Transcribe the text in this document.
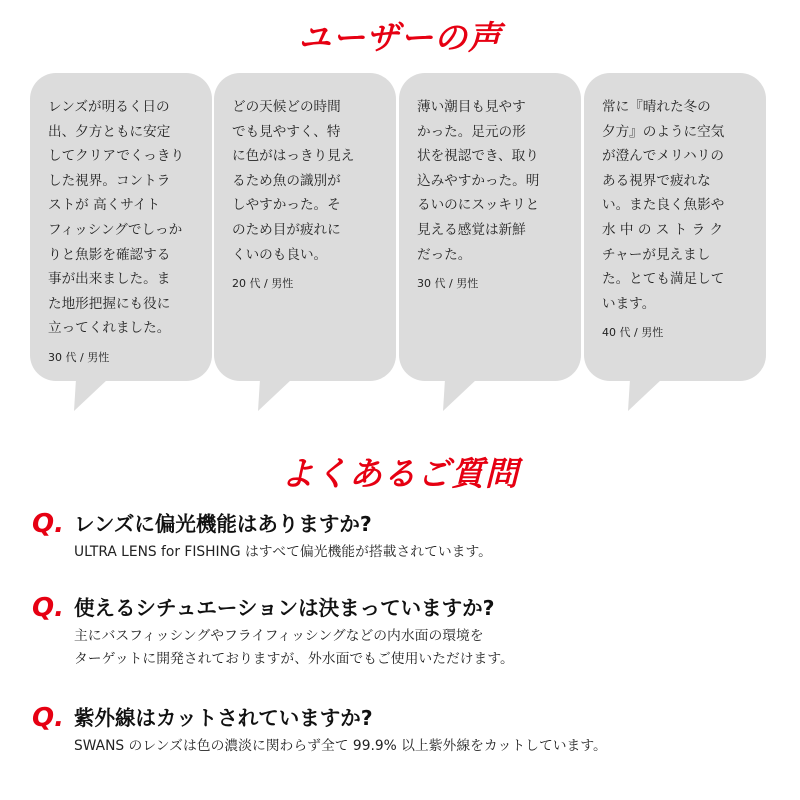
ユーザーの声

レンズが明るく日の
出、夕方ともに安定
してクリアでくっきり
した視界。コントラ
ストが 高くサイト
フィッシングでしっか
りと魚影を確認する
事が出来ました。ま
た地形把握にも役に
立ってくれました。

30 代 / 男性

どの天候どの時間
でも見やすく、特
に色がはっきり見え
るため魚の識別が
しやすかった。そ
のため目が疲れに
くいのも良い。

20 代 / 男性

薄い潮目も見やす
かった。足元の形
状を視認でき、取り
込みやすかった。明
るいのにスッキリと
見える感覚は新鮮
だった。

30 代 / 男性

常に『晴れた冬の
夕方』のように空気
が澄んでメリハリの
ある視界で疲れな
い。また良く魚影や
水 中 の ス ト ラ ク
チャーが見えまし
た。とても満足して
います。

40 代 / 男性

よくあるご質問
Q. レンズに偏光機能はありますか?

ULTRA LENS for FISHING はすべて偏光機能が搭載されています。

Q. 使えるシチュエーションは決まっていますか?

主にバスフィッシングやフライフィッシングなどの内水面の環境を
ターゲットに開発されておりますが、外水面でもご使用いただけます。

Q. 紫外線はカットされていますか?

SWANS のレンズは色の濃淡に関わらず全て 99.9% 以上紫外線をカットしています。
